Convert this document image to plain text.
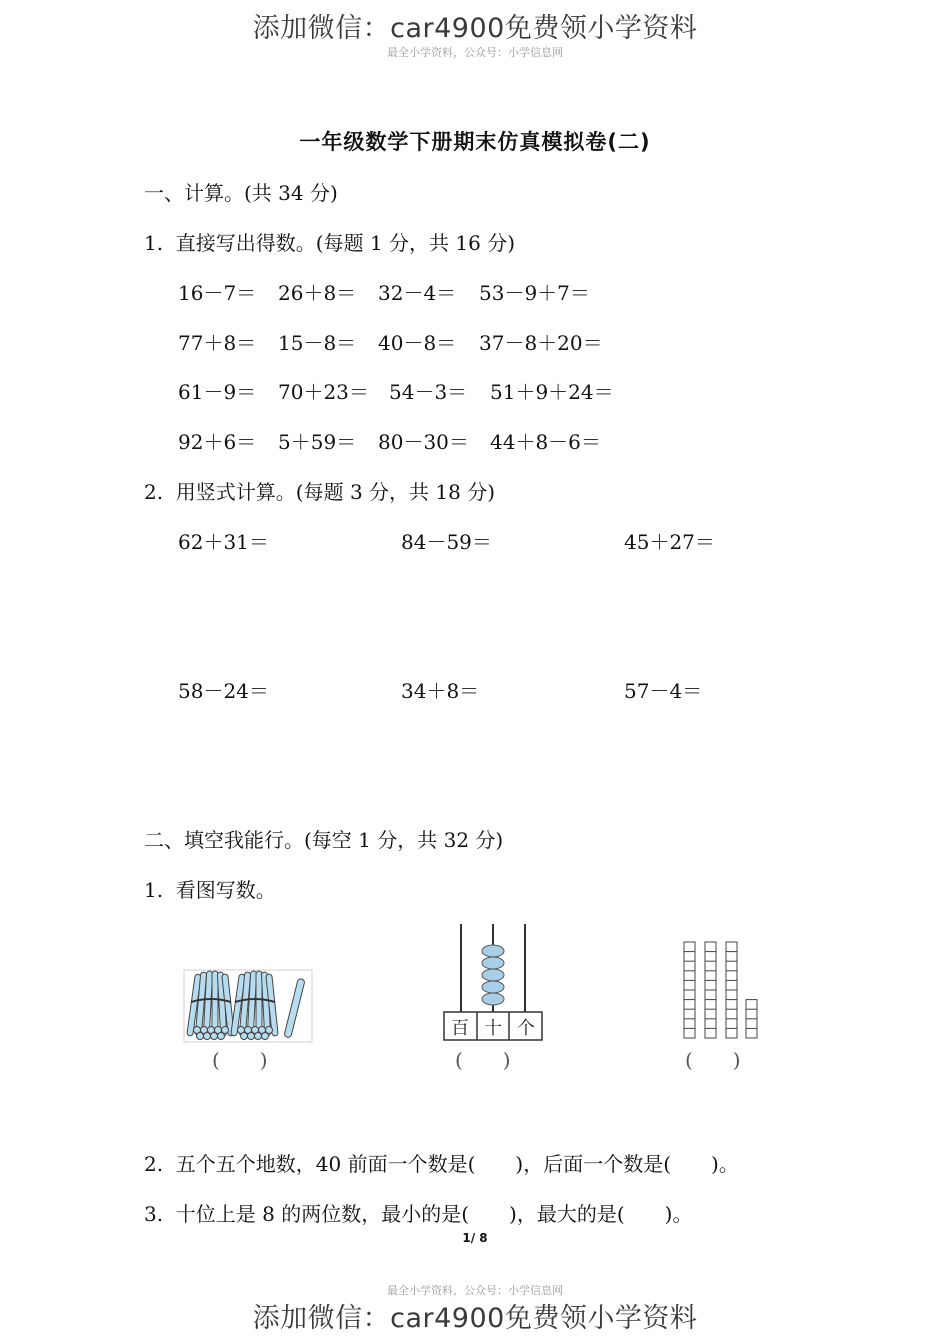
添加微信：car4900免费领小学资料
最全小学资料，公众号：小学信息网
一年级数学下册期末仿真模拟卷(二)
一、计算。(共 34 分)
1.  直接写出得数。(每题 1 分，共 16 分)
16－7＝ 26＋8＝ 32－4＝ 53－9＋7＝
77＋8＝ 15－8＝ 40－8＝ 37－8＋20＝
61－9＝ 70＋23＝ 54－3＝ 51＋9＋24＝
92＋6＝ 5＋59＝ 80－30＝ 44＋8－6＝
2.  用竖式计算。(每题 3 分，共 18 分)
62＋31＝	84－59＝	45＋27＝
58－24＝	34＋8＝	57－4＝
二、填空我能行。(每空 1 分，共 32 分)
1.  看图写数。
(　　)
百 十 个
(　　)	(　　)
2.  五个五个地数，40 前面一个数是(　　)，后面一个数是(　　)。
3.  十位上是 8 的两位数，最小的是(　　)，最大的是(　　)。
1/ 8
最全小学资料，公众号：小学信息网
添加微信：car4900免费领小学资料
